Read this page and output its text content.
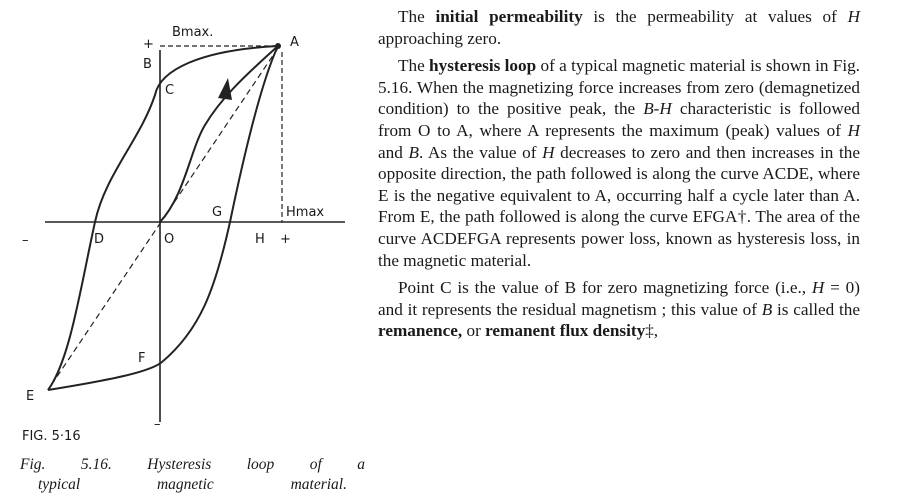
Bmax.
+
B
A
C
G	Hmax
–	D	O	H +
F
E
–
FIG. 5·16
Fig. 5.16. Hysteresis loop of a
typical magnetic material.

The initial permeability is the permeability at values of H approaching zero.

The hysteresis loop of a typical magnetic material is shown in Fig. 5.16. When the magnetizing force increases from zero (demagnetized condition) to the positive peak, the B-H characteristic is followed from O to A, where A represents the maximum (peak) values of H and B. As the value of H decreases to zero and then increases in the opposite direction, the path followed is along the curve ACDE, where E is the negative equivalent to A, occurring half a cycle later than A. From E, the path followed is along the curve EFGA†. The area of the curve ACDEFGA represents power loss, known as hysteresis loss, in the magnetic material.

Point C is the value of B for zero magnetizing force (i.e., H = 0) and it represents the residual magnetism ; this value of B is called the remanence, or remanent flux density‡,
